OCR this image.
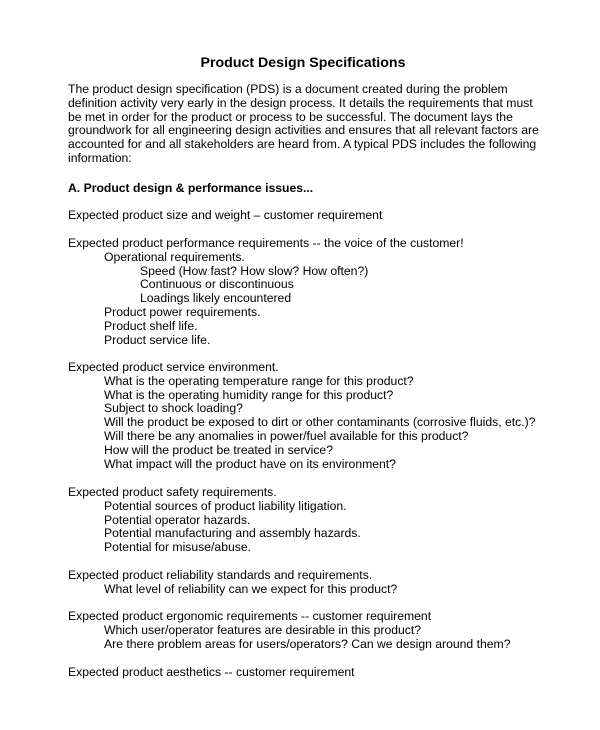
Product Design Specifications
The product design specification (PDS) is a document created during the problem
definition activity very early in the design process. It details the requirements that must
be met in order for the product or process to be successful. The document lays the
groundwork for all engineering design activities and ensures that all relevant factors are
accounted for and all stakeholders are heard from. A typical PDS includes the following
information:
A. Product design & performance issues...
Expected product size and weight – customer requirement
Expected product performance requirements -- the voice of the customer!
Operational requirements.
Speed (How fast? How slow? How often?)
Continuous or discontinuous
Loadings likely encountered
Product power requirements.
Product shelf life.
Product service life.
Expected product service environment.
What is the operating temperature range for this product?
What is the operating humidity range for this product?
Subject to shock loading?
Will the product be exposed to dirt or other contaminants (corrosive fluids, etc.)?
Will there be any anomalies in power/fuel available for this product?
How will the product be treated in service?
What impact will the product have on its environment?
Expected product safety requirements.
Potential sources of product liability litigation.
Potential operator hazards.
Potential manufacturing and assembly hazards.
Potential for misuse/abuse.
Expected product reliability standards and requirements.
What level of reliability can we expect for this product?
Expected product ergonomic requirements -- customer requirement
Which user/operator features are desirable in this product?
Are there problem areas for users/operators? Can we design around them?
Expected product aesthetics -- customer requirement
